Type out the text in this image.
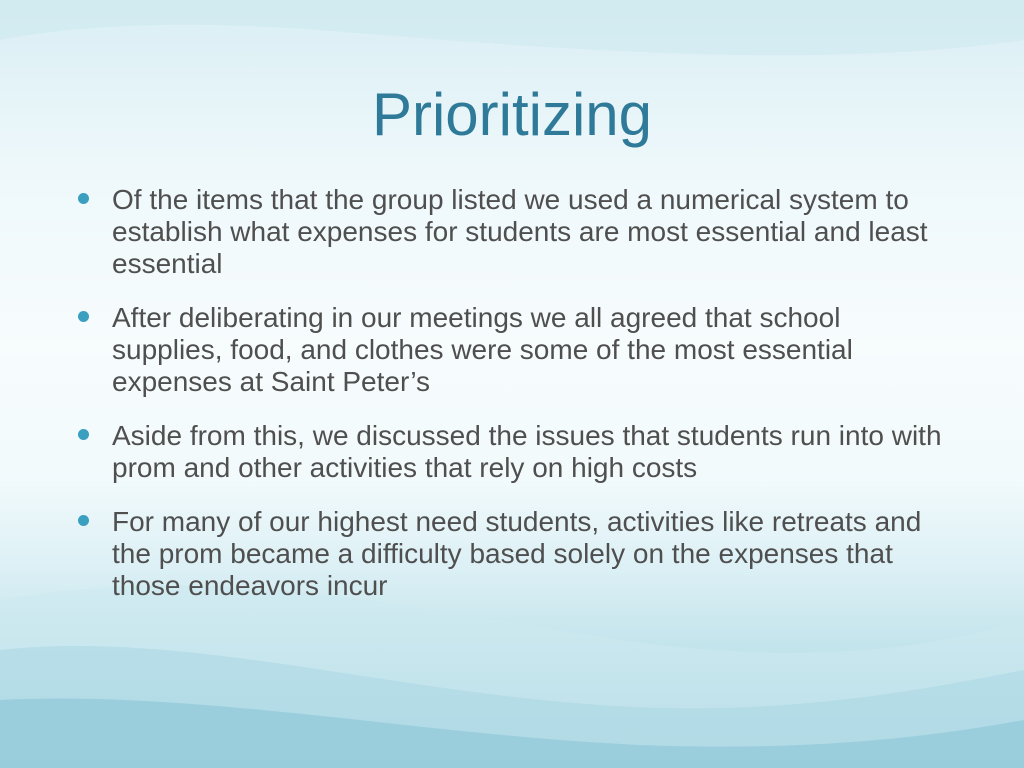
Prioritizing
Of the items that the group listed we used a numerical system to establish what expenses for students are most essential and least essential
After deliberating in our meetings we all agreed that school supplies, food, and clothes were some of the most essential expenses at Saint Peter’s
Aside from this, we discussed the issues that students run into with prom and other activities that rely on high costs
For many of our highest need students, activities like retreats and the prom became a difficulty based solely on the expenses that those endeavors incur
